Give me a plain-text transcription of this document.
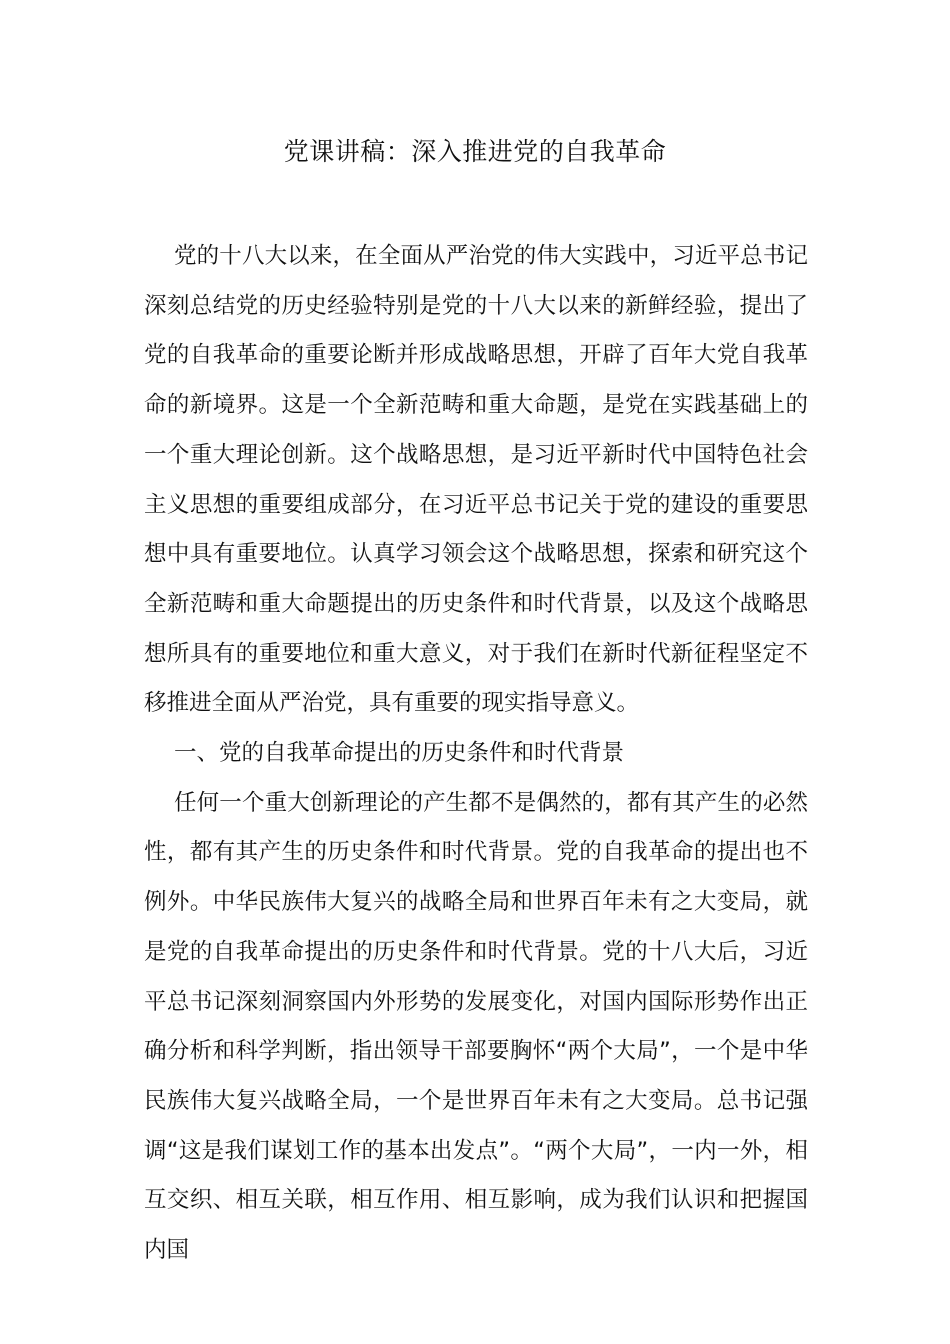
党课讲稿：深入推进党的自我革命

党的十八大以来，在全面从严治党的伟大实践中，习近平总书记深刻总结党的历史经验特别是党的十八大以来的新鲜经验，提出了党的自我革命的重要论断并形成战略思想，开辟了百年大党自我革命的新境界。这是一个全新范畴和重大命题，是党在实践基础上的一个重大理论创新。这个战略思想，是习近平新时代中国特色社会主义思想的重要组成部分，在习近平总书记关于党的建设的重要思想中具有重要地位。认真学习领会这个战略思想，探索和研究这个全新范畴和重大命题提出的历史条件和时代背景，以及这个战略思想所具有的重要地位和重大意义，对于我们在新时代新征程坚定不移推进全面从严治党，具有重要的现实指导意义。

一、党的自我革命提出的历史条件和时代背景

任何一个重大创新理论的产生都不是偶然的，都有其产生的必然性，都有其产生的历史条件和时代背景。党的自我革命的提出也不例外。中华民族伟大复兴的战略全局和世界百年未有之大变局，就是党的自我革命提出的历史条件和时代背景。党的十八大后，习近平总书记深刻洞察国内外形势的发展变化，对国内国际形势作出正确分析和科学判断，指出领导干部要胸怀“两个大局”，一个是中华民族伟大复兴战略全局，一个是世界百年未有之大变局。总书记强调“这是我们谋划工作的基本出发点”。“两个大局”，一内一外，相互交织、相互关联，相互作用、相互影响，成为我们认识和把握国内国
